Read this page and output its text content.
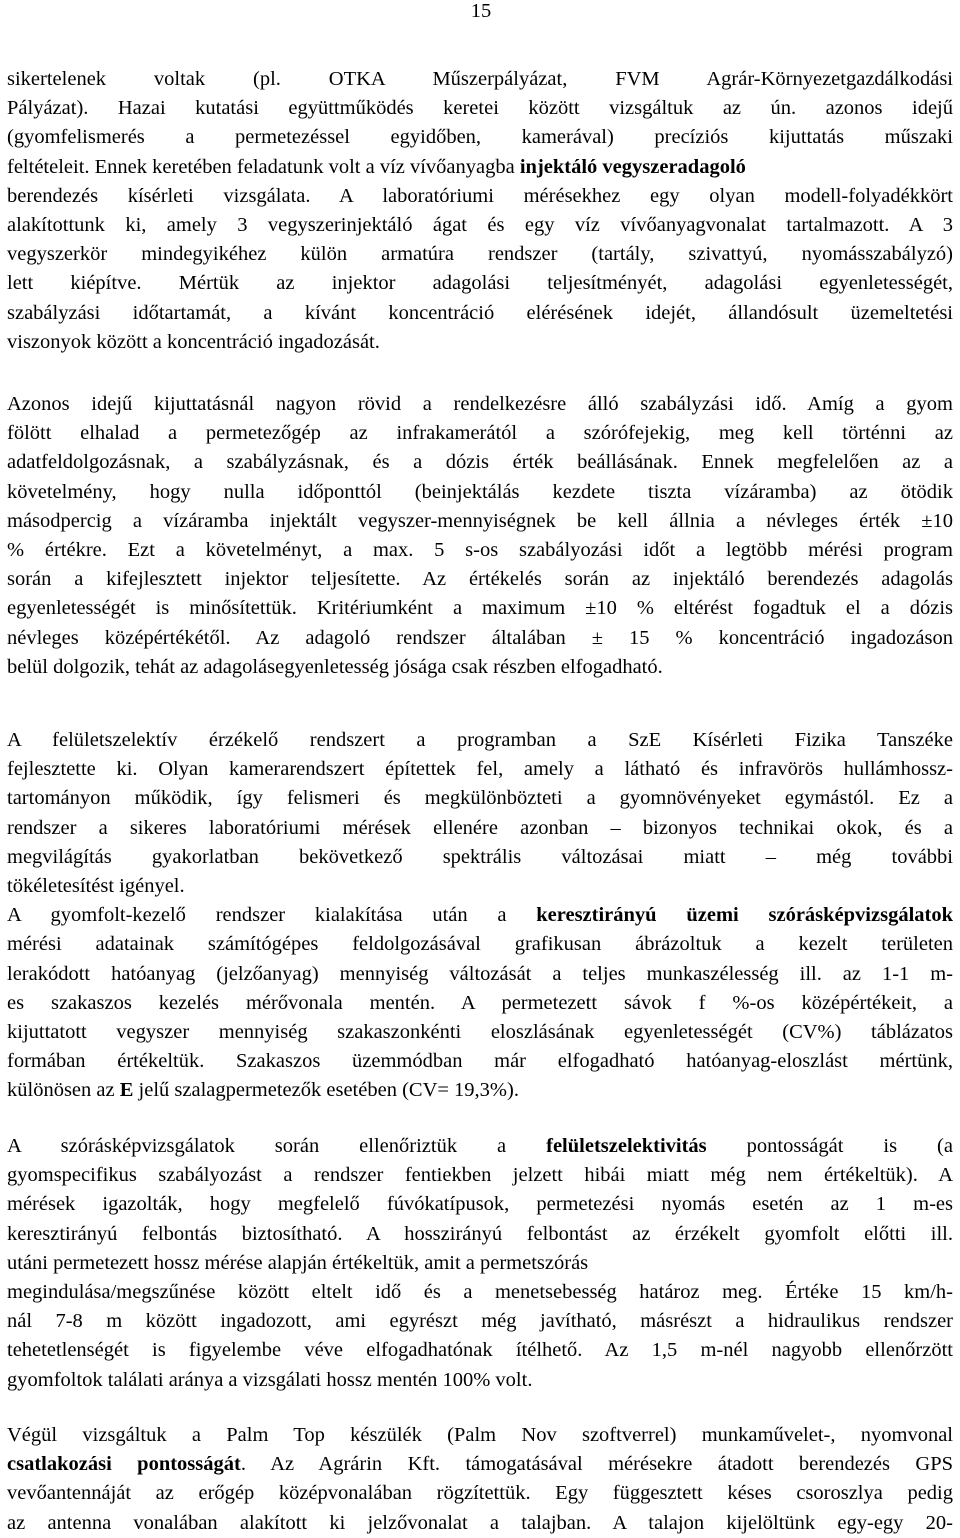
15
sikertelenek voltak (pl. OTKA Műszerpályázat, FVM Agrár-Környezetgazdálkodási
Pályázat). Hazai kutatási együttműködés keretei között vizsgáltuk az ún. azonos idejű
(gyomfelismerés a permetezéssel egyidőben, kamerával) precíziós kijuttatás műszaki
feltételeit. Ennek keretében feladatunk volt a víz vívőanyagba injektáló vegyszeradagoló
berendezés kísérleti vizsgálata. A laboratóriumi mérésekhez egy olyan modell-folyadékkört
alakítottunk ki, amely 3 vegyszerinjektáló ágat és egy víz vívőanyagvonalat tartalmazott. A 3
vegyszerkör mindegyikéhez külön armatúra rendszer (tartály, szivattyú, nyomásszabályzó)
lett kiépítve. Mértük az injektor adagolási teljesítményét, adagolási egyenletességét,
szabályzási időtartamát, a kívánt koncentráció elérésének idejét, állandósult üzemeltetési
viszonyok között a koncentráció ingadozását.
Azonos idejű kijuttatásnál nagyon rövid a rendelkezésre álló szabályzási idő. Amíg a gyom
fölött elhalad a permetezőgép az infrakamerától a szórófejekig, meg kell történni az
adatfeldolgozásnak, a szabályzásnak, és a dózis érték beállásának. Ennek megfelelően az a
követelmény, hogy nulla időponttól (beinjektálás kezdete tiszta vízáramba) az ötödik
másodpercig a vízáramba injektált vegyszer-mennyiségnek be kell állnia a névleges érték ±10
% értékre. Ezt a követelményt, a max. 5 s-os szabályozási időt a legtöbb mérési program
során a kifejlesztett injektor teljesítette. Az értékelés során az injektáló berendezés adagolás
egyenletességét is minősítettük. Kritériumként a maximum ±10 % eltérést fogadtuk el a dózis
névleges középértékétől. Az adagoló rendszer általában ± 15 % koncentráció ingadozáson
belül dolgozik, tehát az adagolásegyenletesség jósága csak részben elfogadható.
A felületszelektív érzékelő rendszert a programban a SzE Kísérleti Fizika Tanszéke
fejlesztette ki. Olyan kamerarendszert építettek fel, amely a látható és infravörös hullámhossz-
tartományon működik, így felismeri és megkülönbözteti a gyomnövényeket egymástól. Ez a
rendszer a sikeres laboratóriumi mérések ellenére azonban – bizonyos technikai okok, és a
megvilágítás gyakorlatban bekövetkező spektrális változásai miatt – még további
tökéletesítést igényel.
A gyomfolt-kezelő rendszer kialakítása után a keresztirányú üzemi szórásképvizsgálatok
mérési adatainak számítógépes feldolgozásával grafikusan ábrázoltuk a kezelt területen
lerakódott hatóanyag (jelzőanyag) mennyiség változását a teljes munkaszélesség ill. az 1-1 m-
es szakaszos kezelés mérővonala mentén. A permetezett sávok f %-os középértékeit, a
kijuttatott vegyszer mennyiség szakaszonkénti eloszlásának egyenletességét (CV%) táblázatos
formában értékeltük. Szakaszos üzemmódban már elfogadható hatóanyag-eloszlást mértünk,
különösen az E jelű szalagpermetezők esetében (CV= 19,3%).
A szórásképvizsgálatok során ellenőriztük a felületszelektivitás pontosságát is (a
gyomspecifikus szabályozást a rendszer fentiekben jelzett hibái miatt még nem értékeltük). A
mérések igazolták, hogy megfelelő fúvókatípusok, permetezési nyomás esetén az 1 m-es
keresztirányú felbontás biztosítható. A hosszirányú felbontást az érzékelt gyomfolt előtti ill.
utáni permetezett hossz mérése alapján értékeltük, amit a permetszórás
megindulása/megszűnése között eltelt idő és a menetsebesség határoz meg. Értéke 15 km/h-
nál 7-8 m között ingadozott, ami egyrészt még javítható, másrészt a hidraulikus rendszer
tehetetlenségét is figyelembe véve elfogadhatónak ítélhető. Az 1,5 m-nél nagyobb ellenőrzött
gyomfoltok találati aránya a vizsgálati hossz mentén 100% volt.
Végül vizsgáltuk a Palm Top készülék (Palm Nov szoftverrel) munkaművelet-, nyomvonal
csatlakozási pontosságát. Az Agrárin Kft. támogatásával mérésekre átadott berendezés GPS
vevőantennáját az erőgép középvonalában rögzítettük. Egy függesztett késes csoroszlya pedig
az antenna vonalában alakított ki jelzővonalat a talajban. A talajon kijelöltünk egy-egy 20-
